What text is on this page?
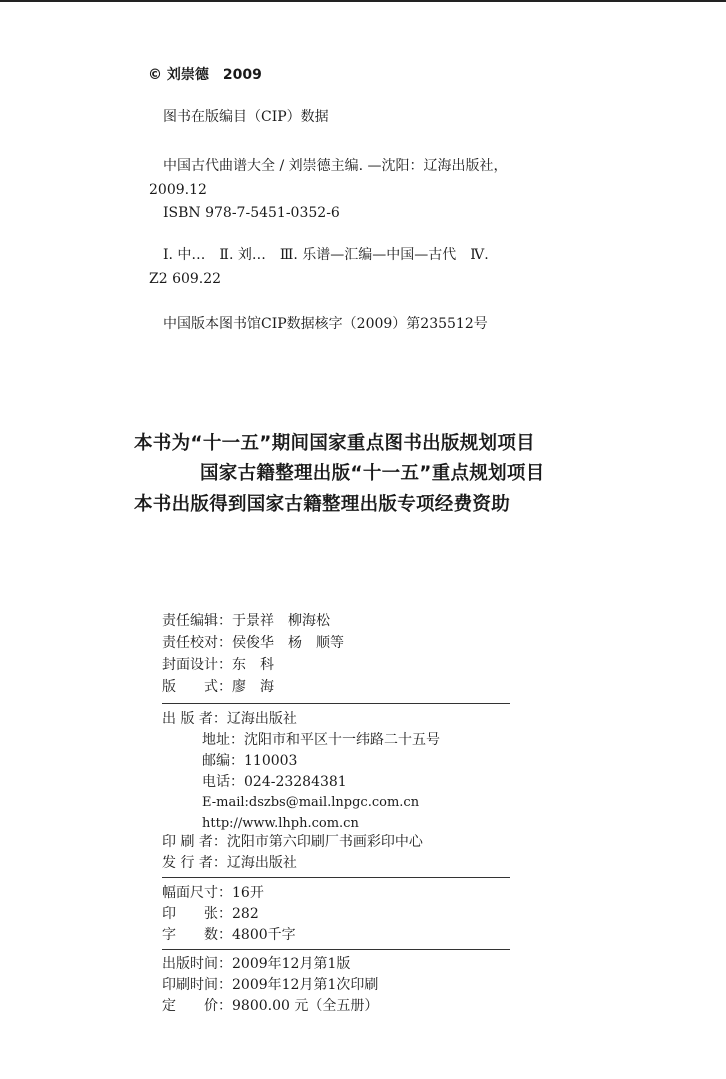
© 刘崇德　2009
图书在版编目（CIP）数据
中国古代曲谱大全 / 刘崇德主编. —沈阳：辽海出版社，
2009.12
ISBN 978-7-5451-0352-6
Ⅰ. 中…　Ⅱ. 刘…　Ⅲ. 乐谱—汇编—中国—古代　Ⅳ.
Z2 609.22
中国版本图书馆CIP数据核字（2009）第235512号
本书为“十一五”期间国家重点图书出版规划项目
国家古籍整理出版“十一五”重点规划项目
本书出版得到国家古籍整理出版专项经费资助
责任编辑：于景祥　柳海松
责任校对：侯俊华　杨　顺等
封面设计：东　科
版　　式：廖　海
出 版 者：辽海出版社
地址：沈阳市和平区十一纬路二十五号
邮编：110003
电话：024-23284381
E-mail:dszbs@mail.lnpgc.com.cn
http://www.lhph.com.cn
印 刷 者：沈阳市第六印刷厂书画彩印中心
发 行 者：辽海出版社
幅面尺寸：16开
印　　张：282
字　　数：4800千字
出版时间：2009年12月第1版
印刷时间：2009年12月第1次印刷
定　　价：9800.00 元（全五册）
